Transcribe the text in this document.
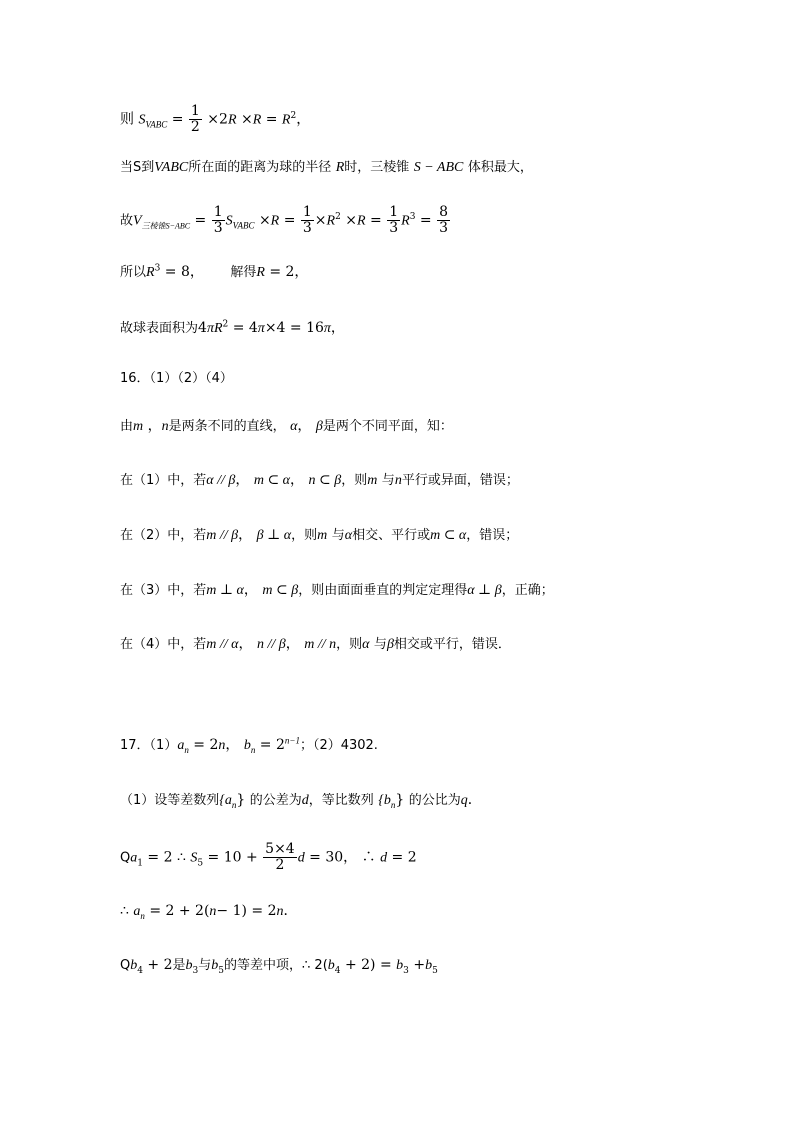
则 $S_{VABC} = \frac{1}{2} \times 2R \times R = R^2$，
当S到VABC所在面的距离为球的半径 R时，三棱锥 S − ABC 体积最大，
故$V_{三棱锥S-ABC} = \frac{1}{3} S_{VABC} \times R = \frac{1}{3} \times R^2 \times R = \frac{1}{3} R^3 = \frac{8}{3}$
所以$R^3 = 8$， 解得R = 2，
故球表面积为$4\pi R^2 = 4\pi\times 4 = 16\pi$，
16．（1）（2）（4）
由m ，n是两条不同的直线， α， β是两个不同平面，知：
在（1）中，若α // β， m ⊂ α， n ⊂ β，则m 与n平行或异面，错误；
在（2）中，若m // β， β ⊥ α，则m 与α相交、平行或m ⊂ α，错误；
在（3）中，若m ⊥ α， m ⊂ β，则由面面垂直的判定定理得α ⊥ β，正确；
在（4）中，若m // α， n // β， m // n，则α 与β相交或平行，错误．
17．$(1)a_n = 2n$， $b_n = 2^{n-1}$；（2）4302.
（1）设等差数列$\{a_n\}$ 的公差为d，等比数列 $\{b_n\}$ 的公比为q．
$Qa_1 = 2$ ∴ $S_5 = 10 + \frac{5\times 4}{2}$ d = 30， ∴ d = 2
∴ $a_n = 2 + 2(n- 1) = 2n$．
$Qb_4 + 2$是$b_3$与$b_5$的等差中项，∴ $2(b_4 + 2) = b_3 +b_5$
